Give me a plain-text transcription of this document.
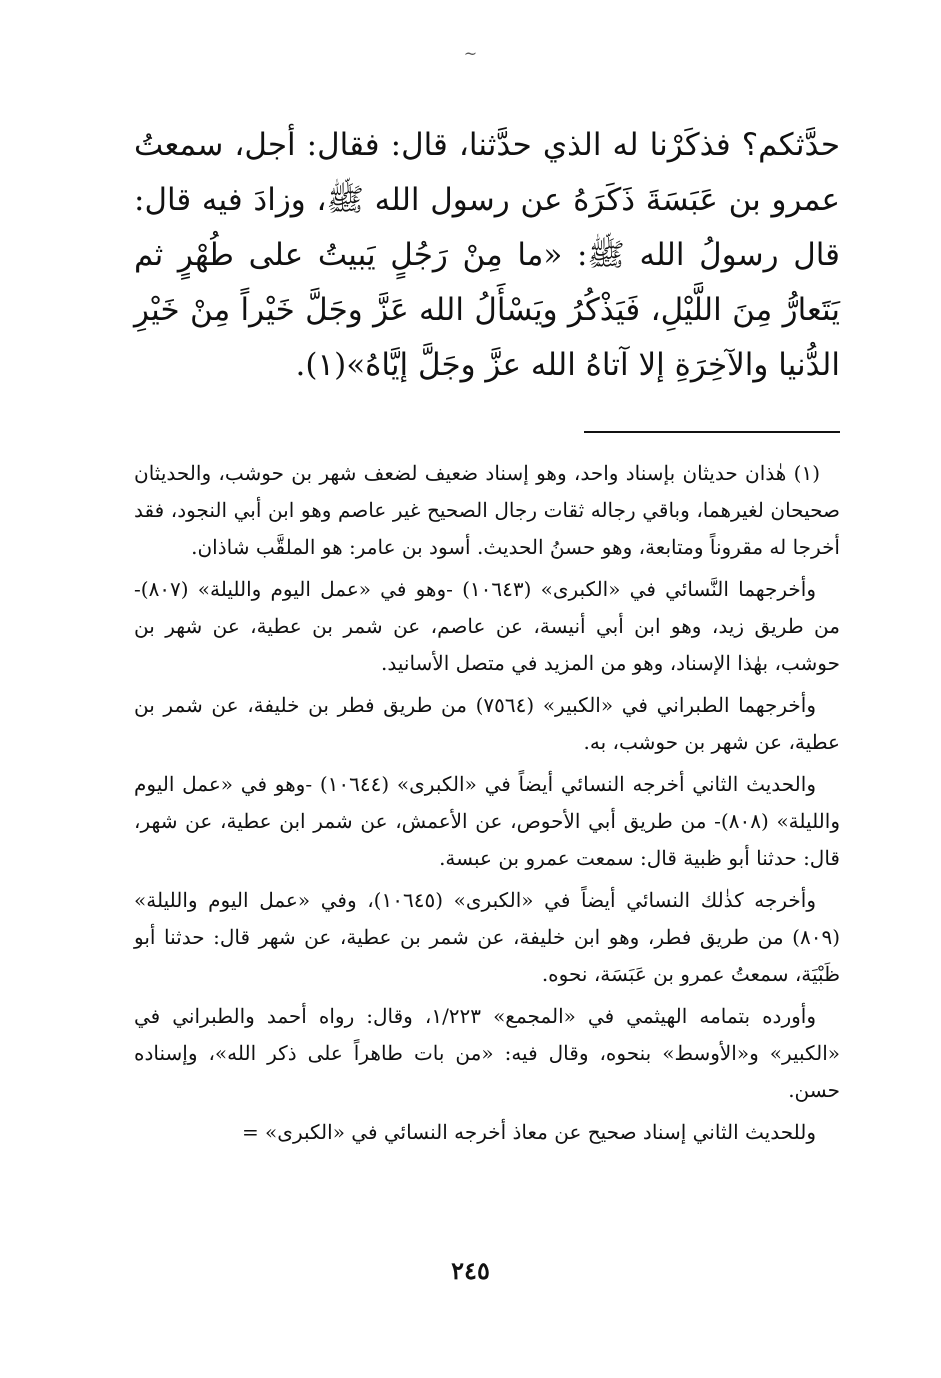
~
حدَّثكم؟ فذكَرْنا له الذي حدَّثنا، قال: فقال: أجل، سمعتُ عمرو بن عَبَسَةَ ذَكَرَهُ عن رسول الله ﷺ، وزادَ فيه قال: قال رسولُ الله ﷺ: «ما مِنْ رَجُلٍ يَبيتُ على طُهْرٍ ثم يَتَعارُّ مِنَ اللَّيْلِ، فَيَذْكُرُ ويَسْأَلُ الله عَزَّ وجَلَّ خَيْراً مِنْ خَيْرِ الدُّنيا والآخِرَةِ إلا آتاهُ الله عزَّ وجَلَّ إيَّاهُ»(١).

(١) هٰذان حديثان بإسناد واحد، وهو إسناد ضعيف لضعف شهر بن حوشب، والحديثان صحيحان لغيرهما، وباقي رجاله ثقات رجال الصحيح غير عاصم وهو ابن أبي النجود، فقد أخرجا له مقروناً ومتابعة، وهو حسنُ الحديث. أسود بن عامر: هو الملقَّب شاذان.

وأخرجهما النَّسائي في «الكبرى» (١٠٦٤٣) -وهو في «عمل اليوم والليلة» (٨٠٧)- من طريق زيد، وهو ابن أبي أنيسة، عن عاصم، عن شمر بن عطية، عن شهر بن حوشب، بهٰذا الإسناد، وهو من المزيد في متصل الأسانيد.

وأخرجهما الطبراني في «الكبير» (٧٥٦٤) من طريق فطر بن خليفة، عن شمر بن عطية، عن شهر بن حوشب، به.

والحديث الثاني أخرجه النسائي أيضاً في «الكبرى» (١٠٦٤٤) -وهو في «عمل اليوم والليلة» (٨٠٨)- من طريق أبي الأحوص، عن الأعمش، عن شمر ابن عطية، عن شهر، قال: حدثنا أبو ظبية قال: سمعت عمرو بن عبسة.

وأخرجه كذٰلك النسائي أيضاً في «الكبرى» (١٠٦٤٥)، وفي «عمل اليوم والليلة» (٨٠٩) من طريق فطر، وهو ابن خليفة، عن شمر بن عطية، عن شهر قال: حدثنا أبو ظَبْيَة، سمعتُ عمرو بن عَبَسَة، نحوه.

وأورده بتمامه الهيثمي في «المجمع» ١/٢٢٣، وقال: رواه أحمد والطبراني في «الكبير» و«الأوسط» بنحوه، وقال فيه: «من بات طاهراً على ذكر الله»، وإسناده حسن.

وللحديث الثاني إسناد صحيح عن معاذ أخرجه النسائي في «الكبرى» =

٢٤٥
